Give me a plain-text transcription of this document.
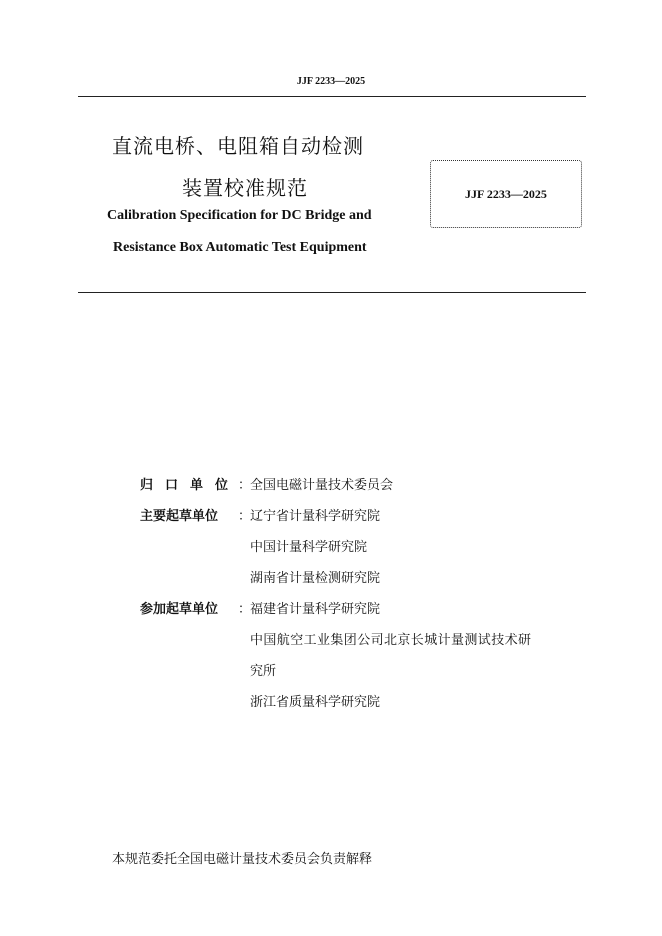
JJF 2233—2025
直流电桥、电阻箱自动检测
装置校准规范
Calibration Specification for DC Bridge and
Resistance Box Automatic Test Equipment
JJF 2233—2025
归口单位
：
全国电磁计量技术委员会
主要起草单位	：
辽宁省计量科学研究院
中国计量科学研究院
湖南省计量检测研究院
参加起草单位	：
福建省计量科学研究院
中国航空工业集团公司北京长城计量测试技术研
究所
浙江省质量科学研究院
本规范委托全国电磁计量技术委员会负责解释
